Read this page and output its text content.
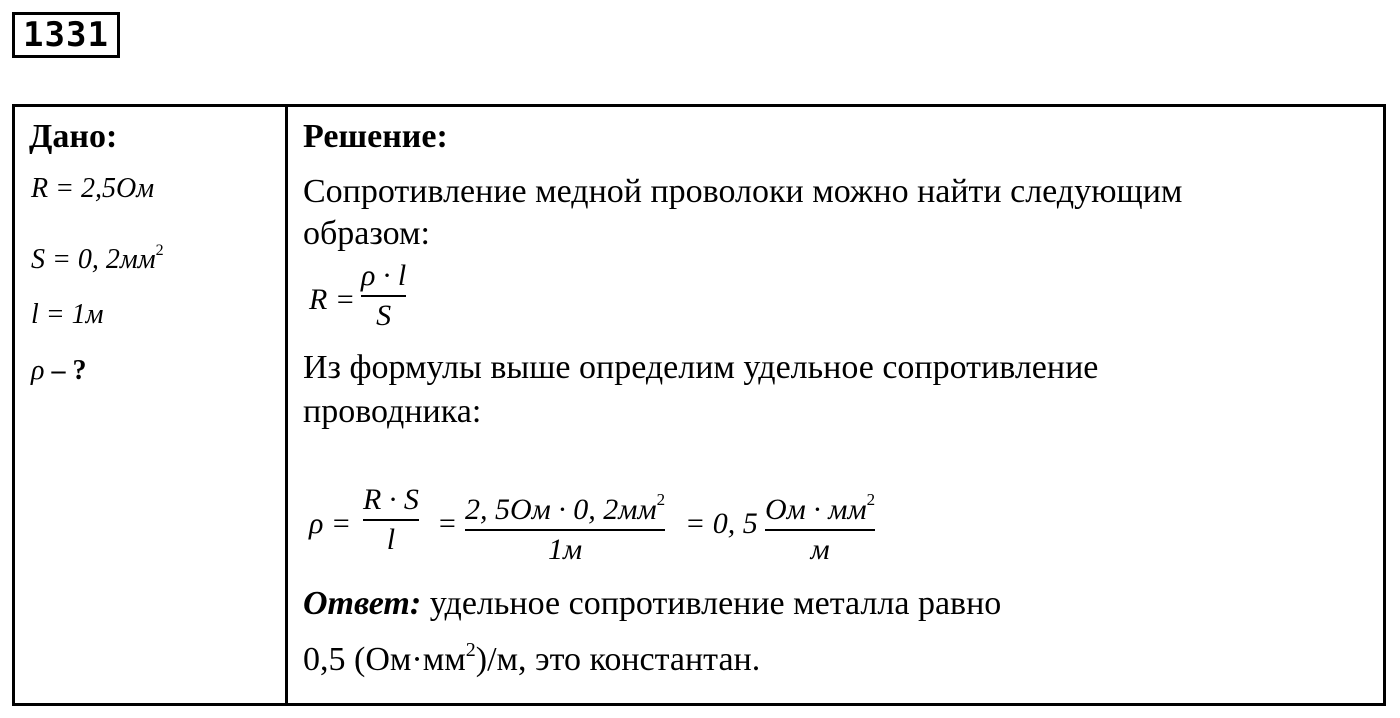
1331
Дано:
R = 2,5Ом
S = 0, $2мм^2$
l = 1м
ρ – ?
Решение:
Сопротивление медной проволоки можно найти следующим
образом:
R =
ρ · l
S
Из формулы выше определим удельное сопротивление
проводника:
ρ =
R · S
l	= 2, 5Ом · 0, $2мм^2$
1м
= 0, 5 Ом · $мм^2$
м
Ответ: удельное сопротивление металла равно
0,5 $(Ом\cdot мм^2)/м$, это константан.
